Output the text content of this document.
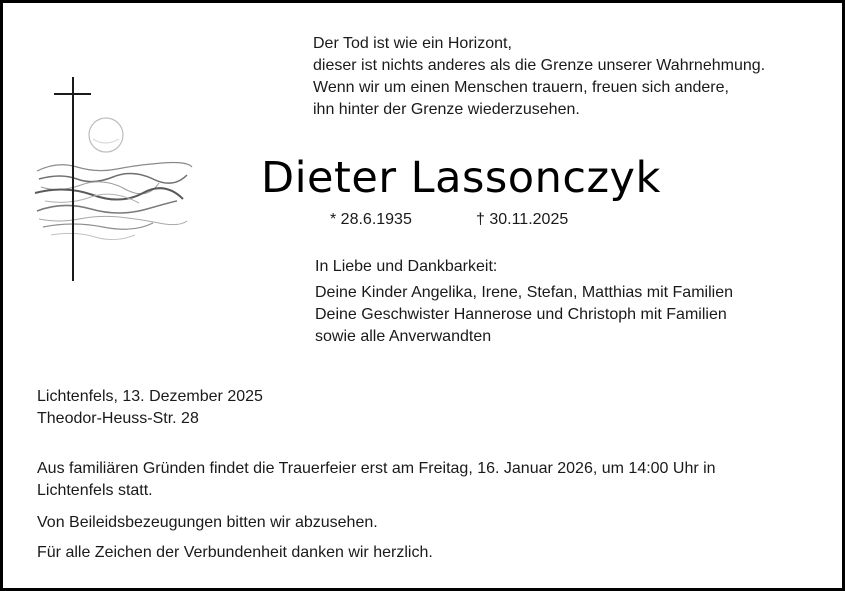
Der Tod ist wie ein Horizont,
dieser ist nichts anderes als die Grenze unserer Wahrnehmung.
Wenn wir um einen Menschen trauern, freuen sich andere,
ihn hinter der Grenze wiederzusehen.
Dieter Lassonczyk
* 28.6.1935	† 30.11.2025
In Liebe und Dankbarkeit:
Deine Kinder Angelika, Irene, Stefan, Matthias mit Familien
Deine Geschwister Hannerose und Christoph mit Familien
sowie alle Anverwandten
Lichtenfels, 13. Dezember 2025
Theodor-Heuss-Str. 28
Aus familiären Gründen findet die Trauerfeier erst am Freitag, 16. Januar 2026, um 14:00 Uhr in
Lichtenfels statt.
Von Beileidsbezeugungen bitten wir abzusehen.
Für alle Zeichen der Verbundenheit danken wir herzlich.
